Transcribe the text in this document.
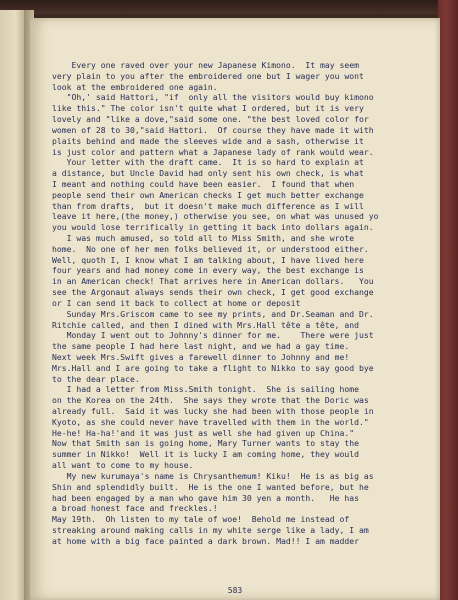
Every one raved over your new Japanese Kimono.  It may seem
very plain to you after the embroidered one but I wager you wont
look at the embroidered one again.
"Oh,' said Hattori, "if  only all the visitors would buy kimono
like this." The color isn't quite what I ordered, but it is very
lovely and "like a dove,"said some one. "the best loved color for
women of 28 to 30,"said Hattori.  Of course they have made it with
plaits behind and made the sleeves wide and a sash, otherwise it
is just color and pattern what a Japanese lady of rank would wear.
Your letter with the draft came.  It is so hard to explain at
a distance, but Uncle David had only sent his own check, is what
I meant and nothing could have been easier.  I found that when
people send their own American checks I get much better exchange
than from drafts,  but it doesn't make much difference as I will
leave it here,(the money,) otherwise you see, on what was unused yo
you would lose terrifically in getting it back into dollars again.
I was much amused, so told all to Miss Smith, and she wrote
home.  No one of her men folks believed it, or understood either.
Well, quoth I, I know what I am talking about, I have lived here
four years and had money come in every way, the best exchange is
in an American check! That arrives here in American dollars.   You
see the Argonaut always sends their own check, I get good exchange
or I can send it back to collect at home or deposit
Sunday Mrs.Griscom came to see my prints, and Dr.Seaman and Dr.
Ritchie called, and then I dined with Mrs.Hall tête a tête, and
Monday I went out to Johnny's dinner for me.    There were just
the same people I had here last night, and we had a gay time.
Next week Mrs.Swift gives a farewell dinner to Johnny and me!
Mrs.Hall and I are going to take a flight to Nikko to say good bye
to the dear place.
I had a letter from Miss.Smith tonight.  She is sailing home
on the Korea on the 24th.  She says they wrote that the Doric was
already full.  Said it was lucky she had been with those people in
Kyoto, as she could never have travelled with them in the world."
He-he! Ha-ha!'and it was just as well she had given up China."
Now that Smith san is going home, Mary Turner wants to stay the
summer in Nikko!  Well it is lucky I am coming home, they would
all want to come to my house.
My new kurumaya's name is Chrysanthemum! Kiku!  He is as big as
Shin and splendidly built.  He is the one I wanted before, but he
had been engaged by a man who gave him 30 yen a month.   He has
a broad honest face and freckles.!
May 19th.  Oh listen to my tale of woe!  Behold me instead of
streaking around making calls in my white serge like a lady, I am
at home with a big face painted a dark brown. Mad!! I am madder
583
